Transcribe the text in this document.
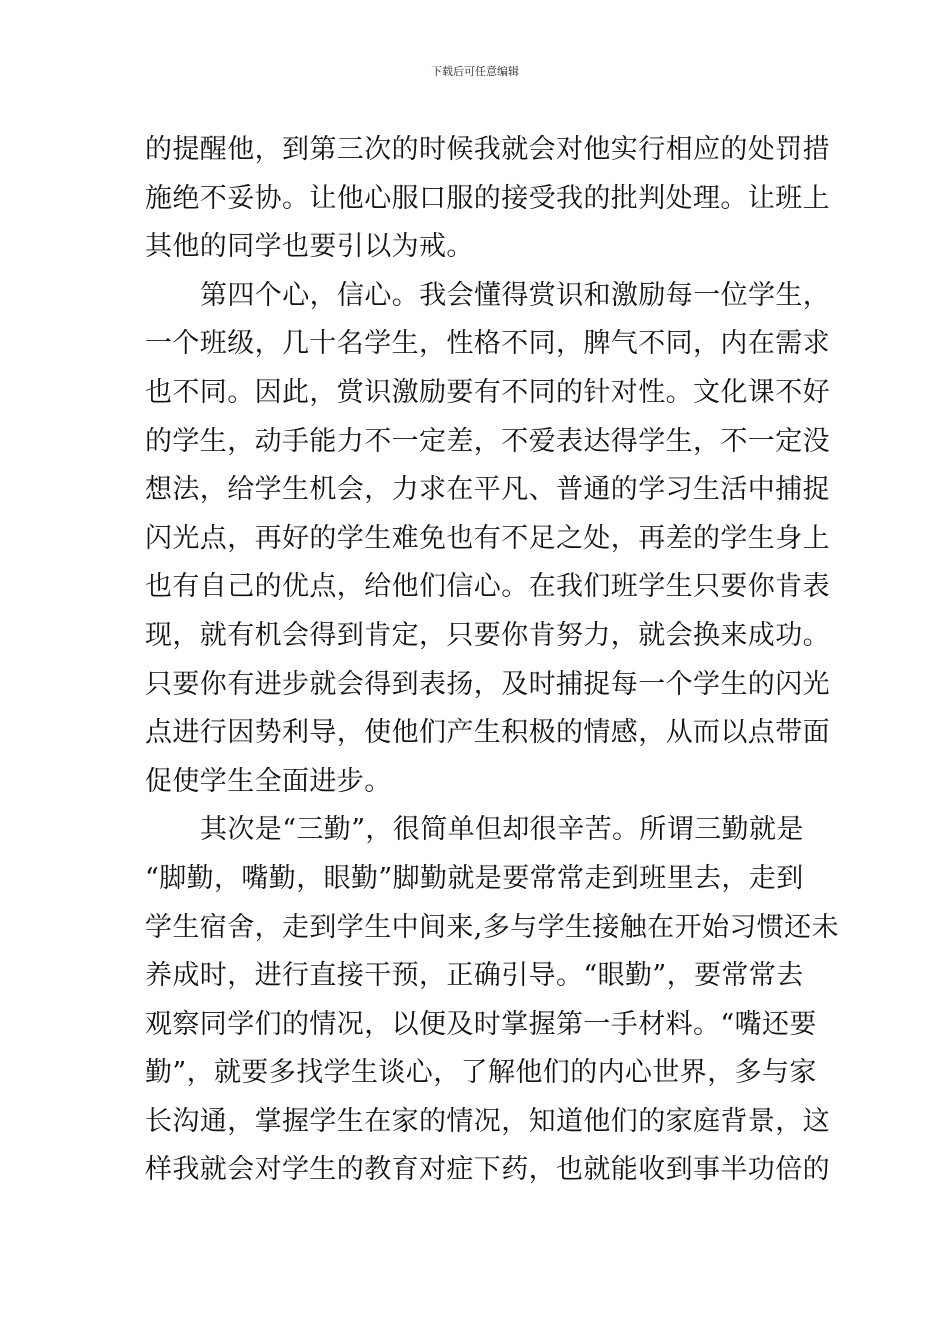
下载后可任意编辑
的提醒他，到第三次的时候我就会对他实行相应的处罚措
施绝不妥协。让他心服口服的接受我的批判处理。让班上
其他的同学也要引以为戒。
第四个心，信心。我会懂得赏识和激励每一位学生，
一个班级，几十名学生，性格不同，脾气不同，内在需求
也不同。因此，赏识激励要有不同的针对性。文化课不好
的学生，动手能力不一定差，不爱表达得学生，不一定没
想法，给学生机会，力求在平凡、普通的学习生活中捕捉
闪光点，再好的学生难免也有不足之处，再差的学生身上
也有自己的优点，给他们信心。在我们班学生只要你肯表
现，就有机会得到肯定，只要你肯努力，就会换来成功。
只要你有进步就会得到表扬，及时捕捉每一个学生的闪光
点进行因势利导，使他们产生积极的情感，从而以点带面
促使学生全面进步。
其次是“三勤”，很简单但却很辛苦。所谓三勤就是
“脚勤，嘴勤，眼勤”脚勤就是要常常走到班里去，走到
学生宿舍，走到学生中间来,多与学生接触在开始习惯还未
养成时，进行直接干预，正确引导。“眼勤”，要常常去
观察同学们的情况，以便及时掌握第一手材料。“嘴还要
勤”，就要多找学生谈心，了解他们的内心世界，多与家
长沟通，掌握学生在家的情况，知道他们的家庭背景，这
样我就会对学生的教育对症下药，也就能收到事半功倍的
